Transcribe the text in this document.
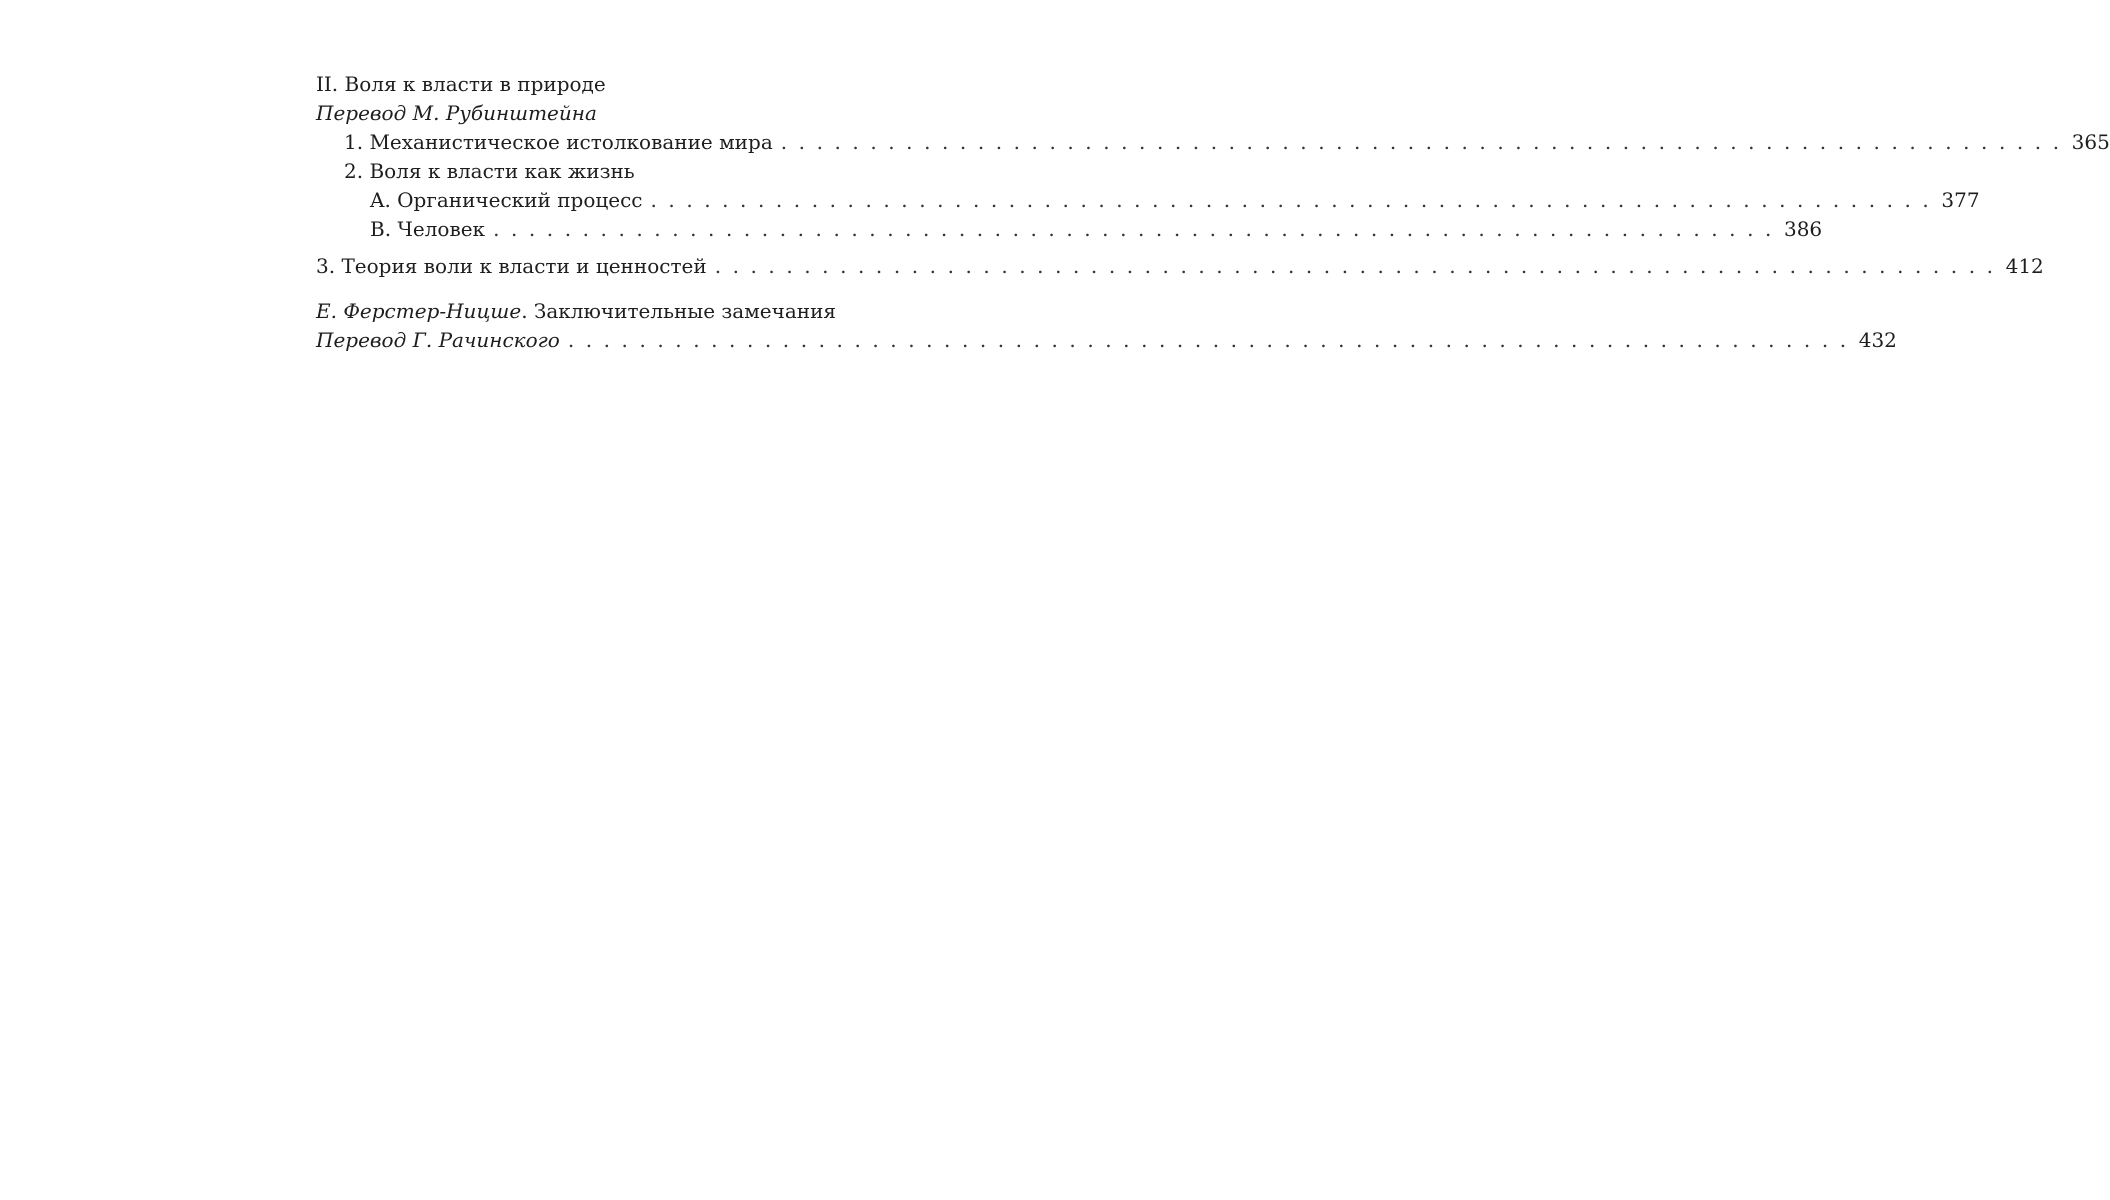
II. Воля к власти в природе
Перевод М. Рубинштейна
1. Механистическое истолкование мира . . . . . . . . . . . . . . . . . . . . . . . . . . . . . . . . . . . . . . . . . . . . . . . . . . . . . . . . . . . . . . . . . . . . . . . . 365
2. Воля к власти как жизнь
A. Органический процесс . . . . . . . . . . . . . . . . . . . . . . . . . . . . . . . . . . . . . . . . . . . . . . . . . . . . . . . . . . . . . . . . . . . . . . . . 377
B. Человек . . . . . . . . . . . . . . . . . . . . . . . . . . . . . . . . . . . . . . . . . . . . . . . . . . . . . . . . . . . . . . . . . . . . . . . . 386
3. Теория воли к власти и ценностей . . . . . . . . . . . . . . . . . . . . . . . . . . . . . . . . . . . . . . . . . . . . . . . . . . . . . . . . . . . . . . . . . . . . . . . . 412
Е. Ферстер-Ницше. Заключительные замечания
Перевод Г. Рачинского . . . . . . . . . . . . . . . . . . . . . . . . . . . . . . . . . . . . . . . . . . . . . . . . . . . . . . . . . . . . . . . . . . . . . . . . 432
